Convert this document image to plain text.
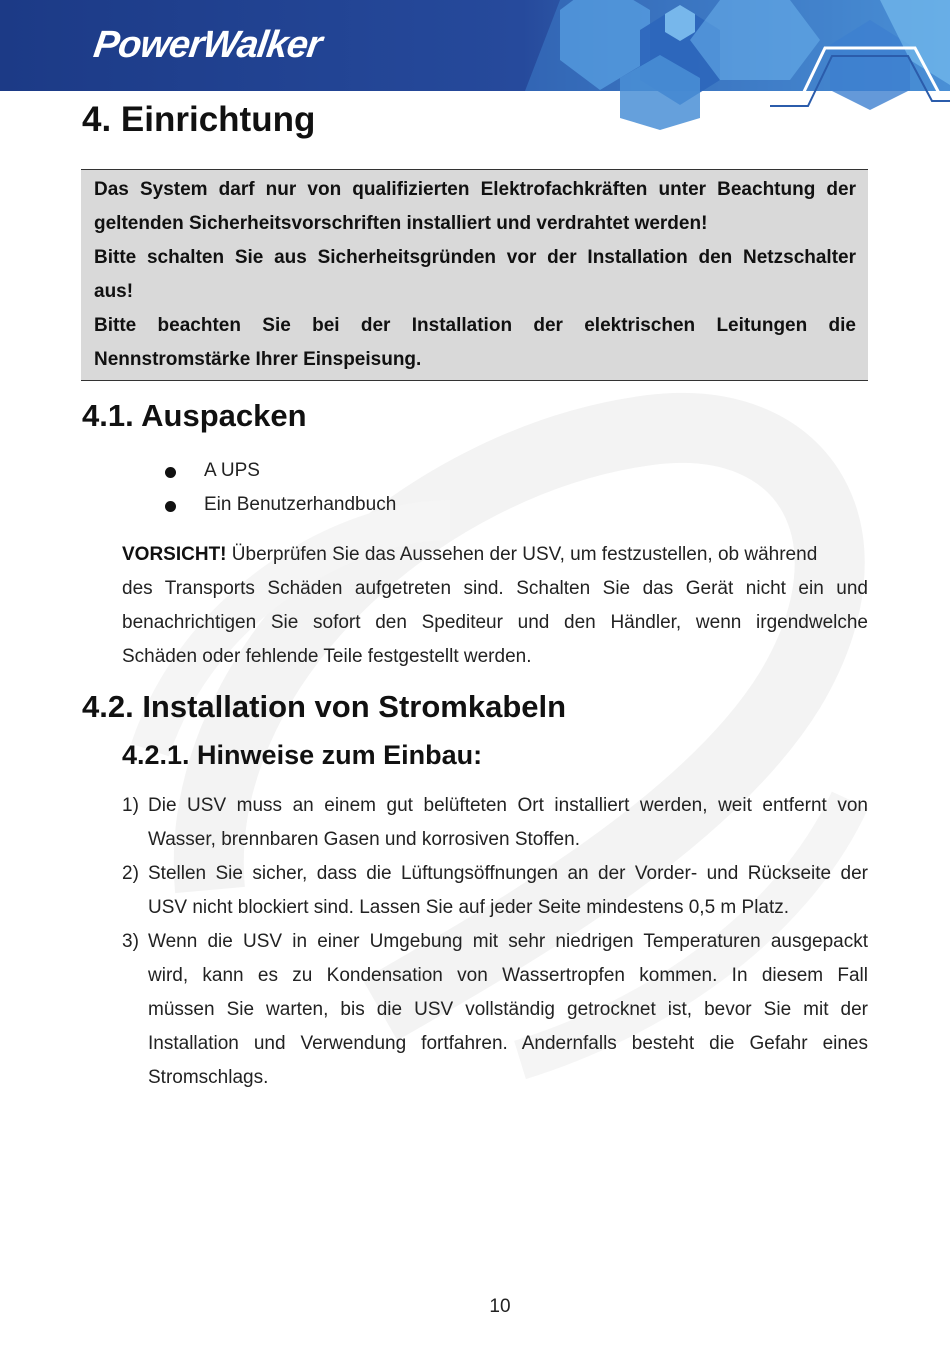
PowerWalker
4. Einrichtung
Das System darf nur von qualifizierten Elektrofachkräften unter Beachtung der
geltenden Sicherheitsvorschriften installiert und verdrahtet werden!
Bitte schalten Sie aus Sicherheitsgründen vor der Installation den Netzschalter
aus!
Bitte beachten Sie bei der Installation der elektrischen Leitungen die
Nennstromstärke Ihrer Einspeisung.
4.1. Auspacken
A UPS
Ein Benutzerhandbuch
VORSICHT! Überprüfen Sie das Aussehen der USV, um festzustellen, ob während
des Transports Schäden aufgetreten sind. Schalten Sie das Gerät nicht ein und
benachrichtigen Sie sofort den Spediteur und den Händler, wenn irgendwelche
Schäden oder fehlende Teile festgestellt werden.
4.2. Installation von Stromkabeln
4.2.1. Hinweise zum Einbau:
1) Die USV muss an einem gut belüfteten Ort installiert werden, weit entfernt von
Wasser, brennbaren Gasen und korrosiven Stoffen.
2) Stellen Sie sicher, dass die Lüftungsöffnungen an der Vorder- und Rückseite der
USV nicht blockiert sind. Lassen Sie auf jeder Seite mindestens 0,5 m Platz.
3) Wenn die USV in einer Umgebung mit sehr niedrigen Temperaturen ausgepackt
wird, kann es zu Kondensation von Wassertropfen kommen. In diesem Fall
müssen Sie warten, bis die USV vollständig getrocknet ist, bevor Sie mit der
Installation und Verwendung fortfahren. Andernfalls besteht die Gefahr eines
Stromschlags.
10
